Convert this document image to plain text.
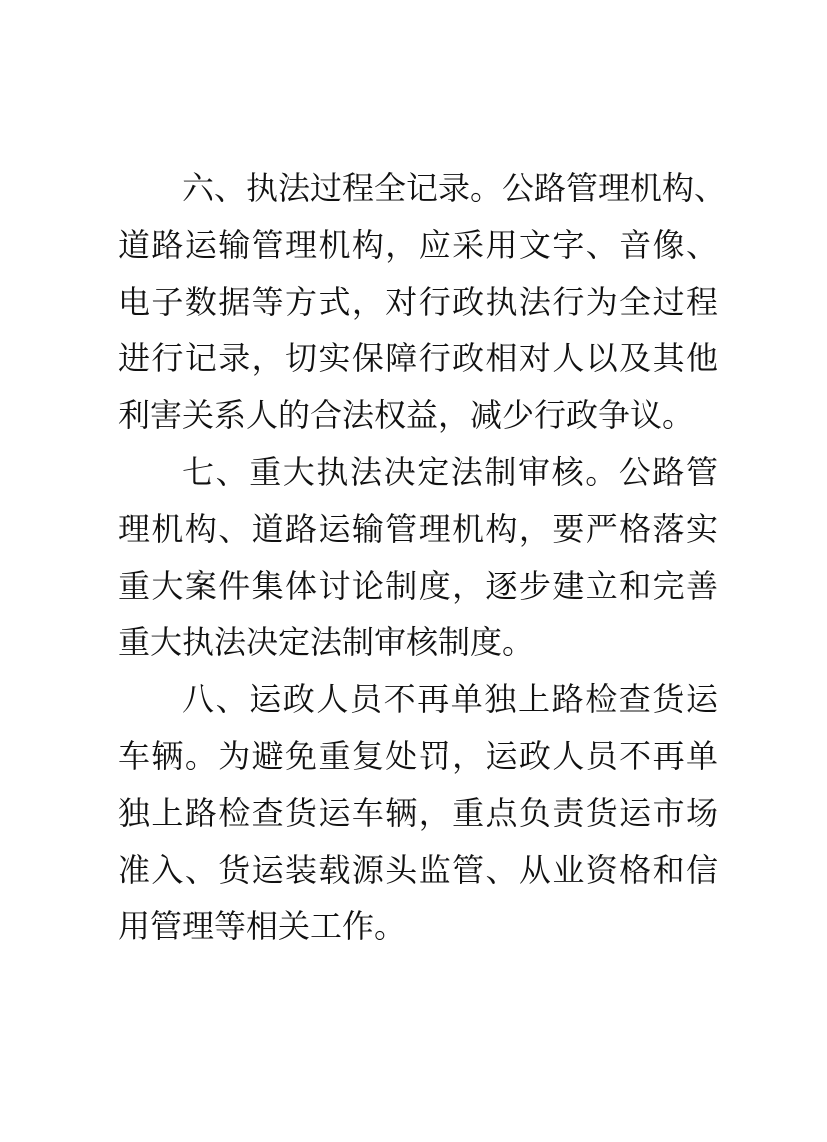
六、执法过程全记录。公路管理机构、
道路运输管理机构，应采用文字、音像、
电子数据等方式，对行政执法行为全过程
进行记录，切实保障行政相对人以及其他
利害关系人的合法权益，减少行政争议。
七、重大执法决定法制审核。公路管
理机构、道路运输管理机构，要严格落实
重大案件集体讨论制度，逐步建立和完善
重大执法决定法制审核制度。
八、运政人员不再单独上路检查货运
车辆。为避免重复处罚，运政人员不再单
独上路检查货运车辆，重点负责货运市场
准入、货运装载源头监管、从业资格和信
用管理等相关工作。
